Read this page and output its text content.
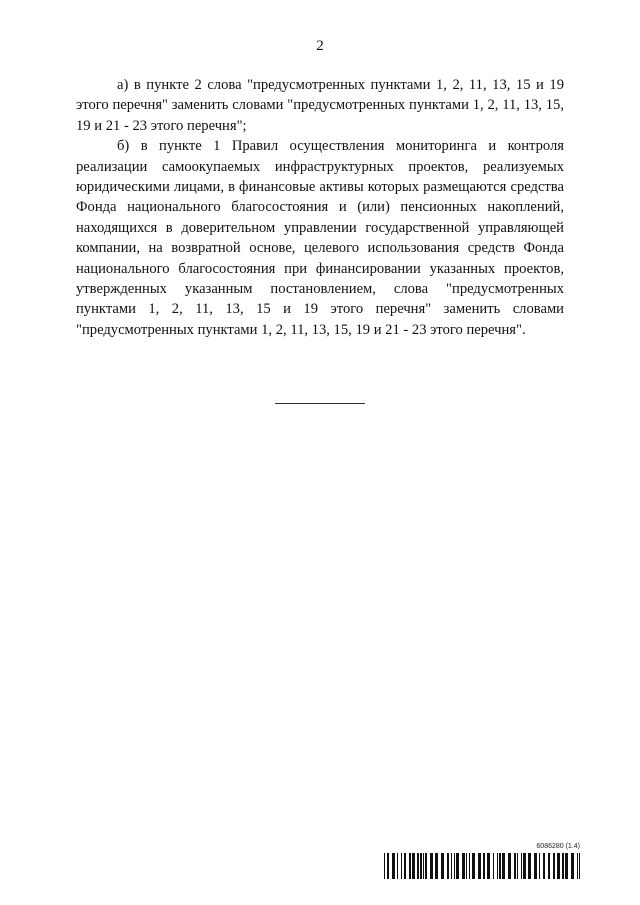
2

а) в пункте 2 слова "предусмотренных пунктами 1, 2, 11, 13, 15 и 19 этого перечня" заменить словами "предусмотренных пунктами 1, 2, 11, 13, 15, 19 и 21 - 23 этого перечня";

б) в пункте 1 Правил осуществления мониторинга и контроля реализации самоокупаемых инфраструктурных проектов, реализуемых юридическими лицами, в финансовые активы которых размещаются средства Фонда национального благосостояния и (или) пенсионных накоплений, находящихся в доверительном управлении государственной управляющей компании, на возвратной основе, целевого использования средств Фонда национального благосостояния при финансировании указанных проектов, утвержденных указанным постановлением, слова "предусмотренных пунктами 1, 2, 11, 13, 15 и 19 этого перечня" заменить словами "предусмотренных пунктами 1, 2, 11, 13, 15, 19 и 21 - 23 этого перечня".

6086280 (1.4)
